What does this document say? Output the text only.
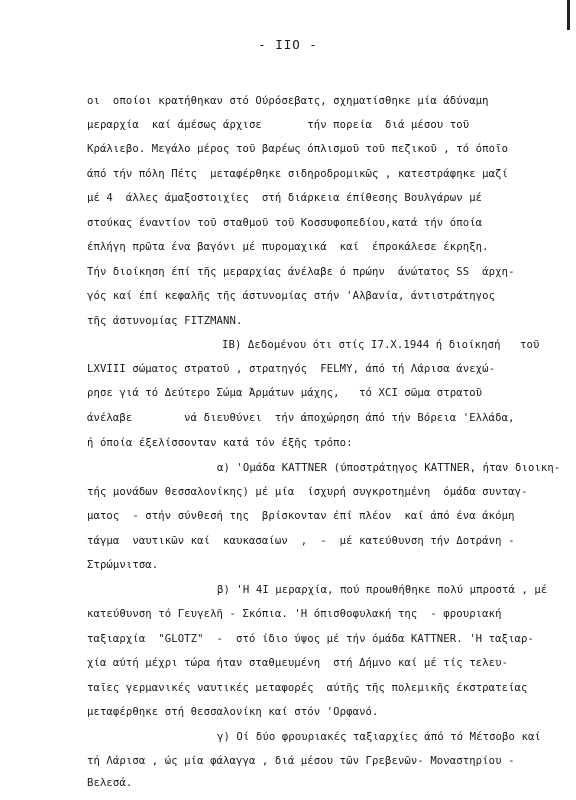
- IIO -
οι  οποίοι κρατήθηκαν στό Ούρόσεβατς, σχηματίσθηκε μία άδύναμη
μεραρχία  καί άμέσως άρχισε       τήν πορεία  διά μέσου τοῦ
Κράλιεβο. Μεγάλο μέρος τοῦ βαρέως όπλισμοῦ τοῦ πεζικοῦ , τό όποῖο
άπό τήν πόλη Πέτς  μεταφέρθηκε σιδηροδρομικῶς , κατεστράφηκε μαζί
μέ 4  άλλες άμαξοστοιχίες  στή διάρκεια έπίθεσης Βουλγάρων μέ
στούκας έναντίον τοῦ σταθμοῦ τοῦ Κοσσυφοπεδίου,κατά τήν όποία
έπλήγη πρῶτα ένα βαγόνι μέ πυρομαχικά  καί  έπροκάλεσε έκρηξη.
Τήν διοίκηση έπί τῆς μεραρχίας άνέλαβε ό πρώην  άνώτατος SS  άρχη-
γός καί έπί κεφαλῆς τῆς άστυνομίας στήν 'Αλβανία, άντιστράτηγος
τῆς άστυνομίας FITZMANN.
IB) Δεδομένου ότι στίς I7.X.1944 ή διοίκησή   τοῦ
LXVIII σώματος στρατοῦ , στρατηγός  FELMY, άπό τή Λάρισα άνεχώ-
ρησε γιά τό Δεύτερο Σώμα Άρμάτων μάχης,   τό XCI σῶμα στρατοῦ
άνέλαβε        νά διευθύνει  τήν άποχώρηση άπό τήν Βόρεια 'Ελλάδα,
ή όποία έξελίσσονταν κατά τόν έξῆς τρόπο:
α) 'Ομάδα KATTNER (ύποστράτηγος KATTNER, ήταν διοικη-
τής μονάδων θεσσαλονίκης) μέ μία  ίσχυρή συγκροτημένη  όμάδα συνταγ-
ματος  - στήν σύνθεσή της  βρίσκονταν έπί πλέον  καί άπό ένα άκόμη
τάγμα  ναυτικῶν καί  καυκασαίων  ,  -  μέ κατεύθυνση τήν Δοτράνη -
Στρώμνιτσα.
β) 'Η 4I μεραρχία, πού προωθήθηκε πολύ μπροστά , μέ
κατεύθυνση τό Γευγελῆ - Σκόπια. 'Η όπισθοφυλακή της  - φρουριακή
ταξιαρχία  "GLOTZ"  -  στό ίδιο ύψος μέ τήν όμάδα KATTNER. 'Η ταξιαρ-
χία αύτή μέχρι τώρα ήταν σταθμευμένη  στή Δήμνο καί μέ τίς τελευ-
ταῖες γερμανικές ναυτικές μεταφορές  αύτῆς τῆς πολεμικῆς έκστρατείας
μεταφέρθηκε στή θεσσαλονίκη καί στόν 'Ορφανό.
γ) Οί δύο φρουριακές ταξιαρχίες άπό τό Μέτσοβο καί
τή Λάρισα , ώς μία φάλαγγα , διά μέσου τῶν Γρεβενῶν- Μοναστηρίου -
Βελεσά.
